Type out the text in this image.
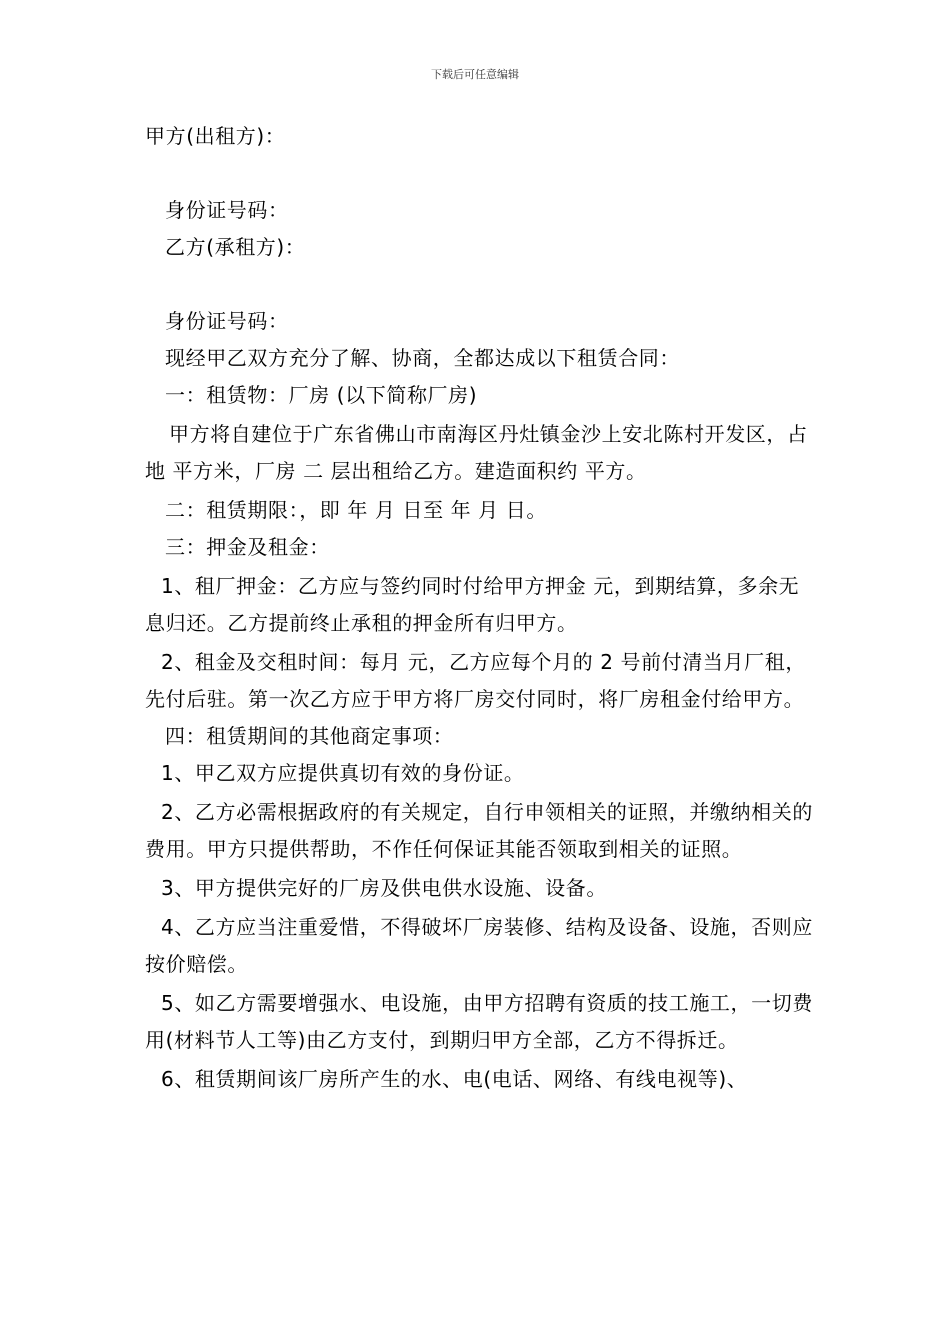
下载后可任意编辑

甲方(出租方)：

身份证号码：

乙方(承租方)：

身份证号码：

现经甲乙双方充分了解、协商，全都达成以下租赁合同：

一：租赁物：厂房 (以下简称厂房)

甲方将自建位于广东省佛山市南海区丹灶镇金沙上安北陈村开发区，占地 平方米，厂房 二 层出租给乙方。建造面积约 平方。

二：租赁期限：，即 年 月 日至 年 月 日。

三：押金及租金：

1、租厂押金：乙方应与签约同时付给甲方押金 元，到期结算，多余无息归还。乙方提前终止承租的押金所有归甲方。

2、租金及交租时间：每月 元，乙方应每个月的 2 号前付清当月厂租，先付后驻。第一次乙方应于甲方将厂房交付同时，将厂房租金付给甲方。

四：租赁期间的其他商定事项：

1、甲乙双方应提供真切有效的身份证。

2、乙方必需根据政府的有关规定，自行申领相关的证照，并缴纳相关的费用。甲方只提供帮助，不作任何保证其能否领取到相关的证照。

3、甲方提供完好的厂房及供电供水设施、设备。

4、乙方应当注重爱惜，不得破坏厂房装修、结构及设备、设施，否则应按价赔偿。

5、如乙方需要增强水、电设施，由甲方招聘有资质的技工施工，一切费用(材料节人工等)由乙方支付，到期归甲方全部，乙方不得拆迁。

6、租赁期间该厂房所产生的水、电(电话、网络、有线电视等)、
